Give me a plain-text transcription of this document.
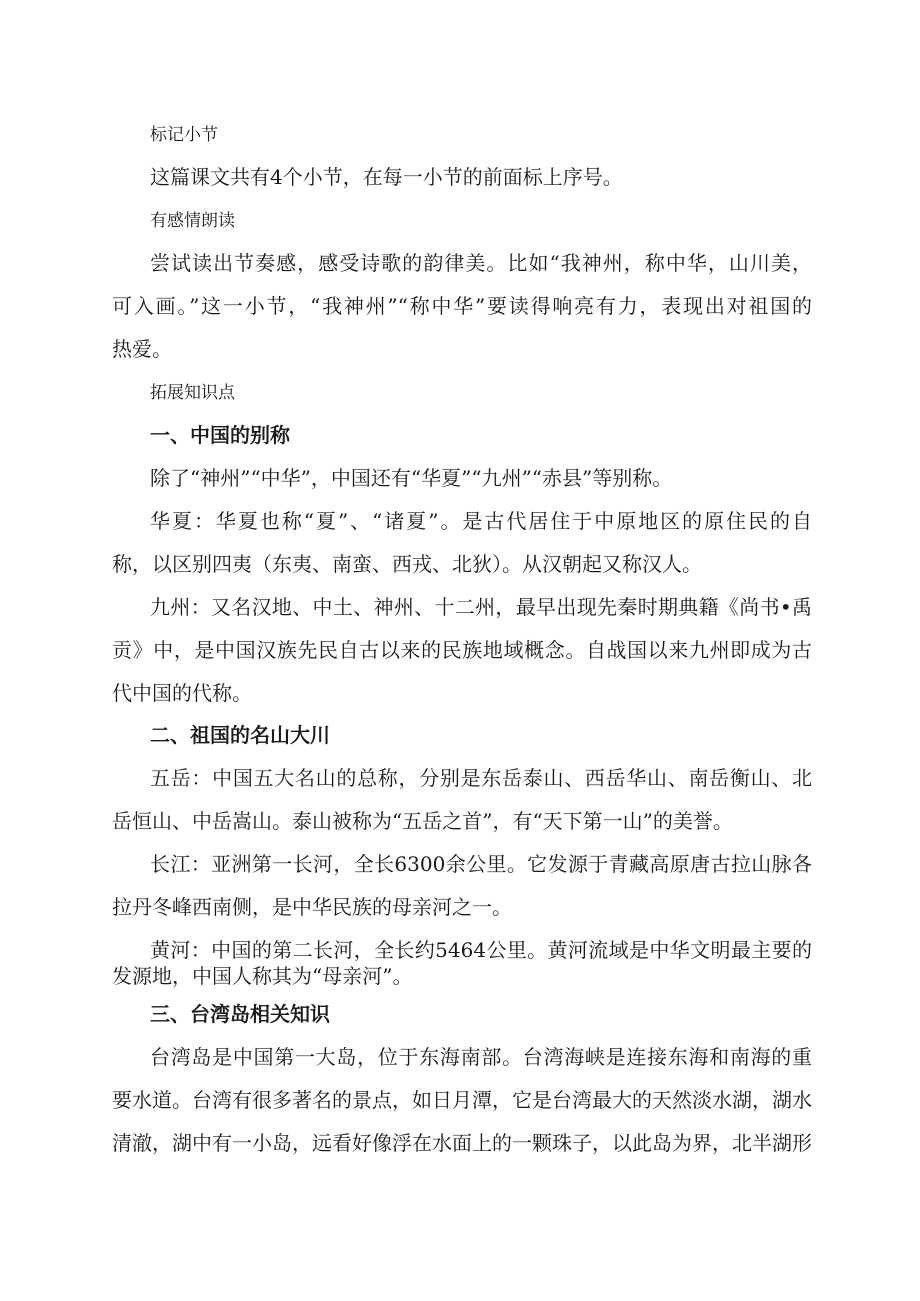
标记小节
这篇课文共有4个小节，在每一小节的前面标上序号。
有感情朗读
尝试读出节奏感，感受诗歌的韵律美。比如“我神州，称中华，山川美，
可入画。”这一小节，“我神州”“称中华”要读得响亮有力，表现出对祖国的
热爱。
拓展知识点
一、中国的别称
除了“神州”“中华”，中国还有“华夏”“九州”“赤县”等别称。
华夏：华夏也称“夏”、“诸夏”。是古代居住于中原地区的原住民的自
称，以区别四夷（东夷、南蛮、西戎、北狄）。从汉朝起又称汉人。
九州：又名汉地、中土、神州、十二州，最早出现先秦时期典籍《尚书•禹
贡》中，是中国汉族先民自古以来的民族地域概念。自战国以来九州即成为古
代中国的代称。
二、祖国的名山大川
五岳：中国五大名山的总称，分别是东岳泰山、西岳华山、南岳衡山、北
岳恒山、中岳嵩山。泰山被称为“五岳之首”，有“天下第一山”的美誉。
长江：亚洲第一长河，全长6300余公里。它发源于青藏高原唐古拉山脉各
拉丹冬峰西南侧，是中华民族的母亲河之一。
黄河：中国的第二长河，全长约5464公里。黄河流域是中华文明最主要的
发源地，中国人称其为“母亲河”。
三、台湾岛相关知识
台湾岛是中国第一大岛，位于东海南部。台湾海峡是连接东海和南海的重
要水道。台湾有很多著名的景点，如日月潭，它是台湾最大的天然淡水湖，湖水
清澈，湖中有一小岛，远看好像浮在水面上的一颗珠子，以此岛为界，北半湖形
